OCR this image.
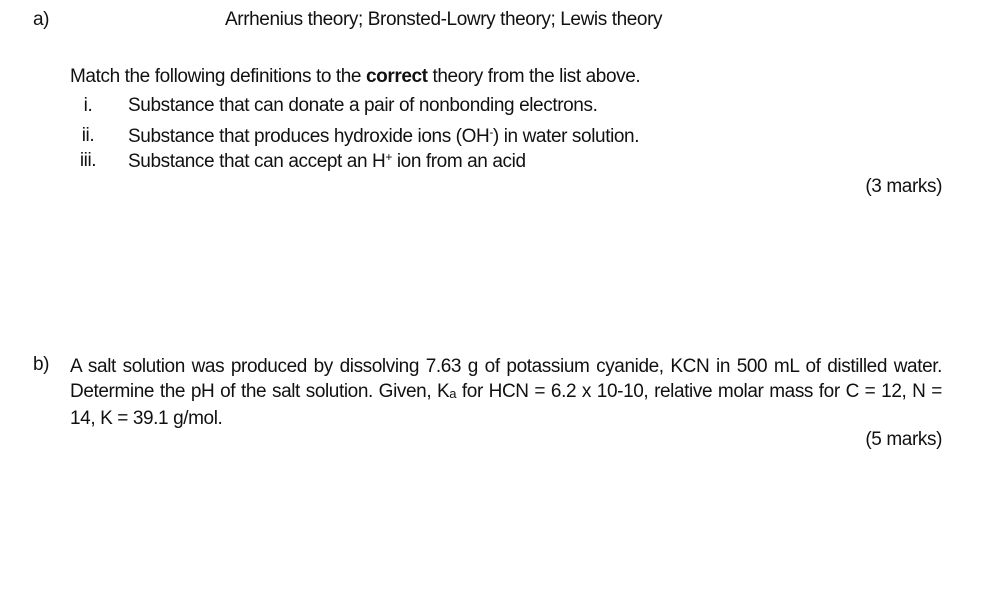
a)	Arrhenius theory; Bronsted-Lowry theory; Lewis theory
Match the following definitions to the correct theory from the list above.
i.	Substance that can donate a pair of nonbonding electrons.
ii.	Substance that produces hydroxide ions (OH-) in water solution.
iii.	Substance that can accept an H+ ion from an acid
(3 marks)
b) A salt solution was produced by dissolving 7.63 g of potassium cyanide, KCN in 500 mL of distilled water. Determine the pH of the salt solution. Given, $K_a$ for HCN = 6.2 x 10-10, relative molar mass for C = 12, N = 14, K = 39.1 g/mol.
(5 marks)
